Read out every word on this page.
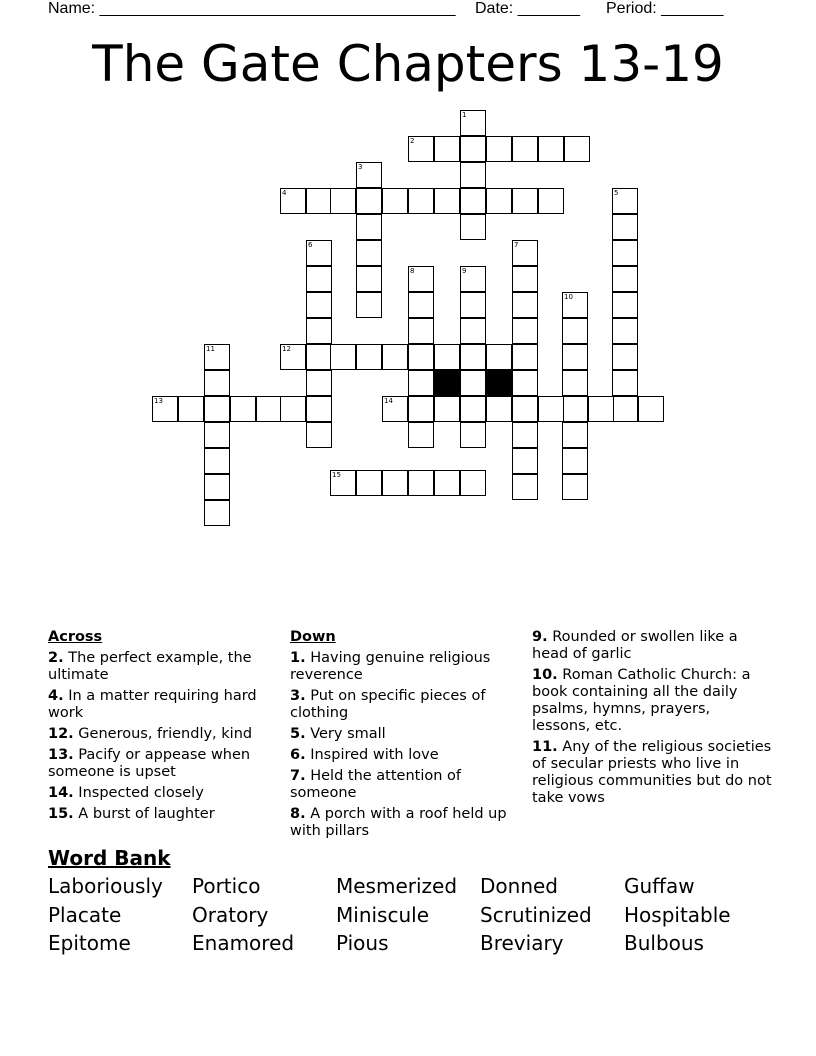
Name: ________________________________________ Date: _______ Period: _______
The Gate Chapters 13-19
1
2
3
4	5
6	7
8	9
10
11	12
13	14
15
Across
2. The perfect example, the ultimate
4. In a matter requiring hard work
12. Generous, friendly, kind
13. Pacify or appease when someone is upset
14. Inspected closely
15. A burst of laughter
Down
1. Having genuine religious reverence
3. Put on specific pieces of clothing
5. Very small
6. Inspired with love
7. Held the attention of someone
8. A porch with a roof held up with pillars
9. Rounded or swollen like a head of garlic
10. Roman Catholic Church: a book containing all the daily psalms, hymns, prayers, lessons, etc.
11. Any of the religious societies of secular priests who live in religious communities but do not take vows
Word Bank
Laboriously Portico	Mesmerized Donned	Guffaw
Placate	Oratory	Miniscule	Scrutinized Hospitable
Epitome	Enamored Pious	Breviary	Bulbous
